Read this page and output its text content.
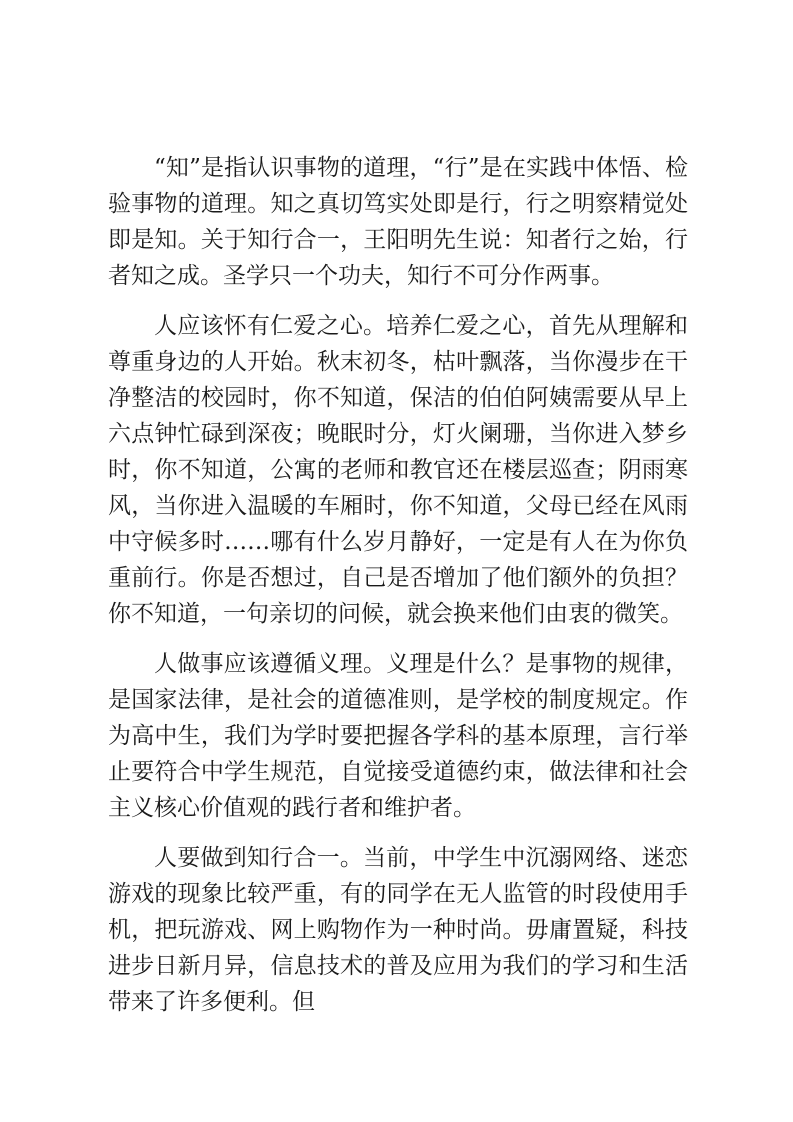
“知”是指认识事物的道理，“行”是在实践中体悟、检验事物的道理。知之真切笃实处即是行，行之明察精觉处即是知。关于知行合一，王阳明先生说：知者行之始，行者知之成。圣学只一个功夫，知行不可分作两事。

人应该怀有仁爱之心。培养仁爱之心，首先从理解和尊重身边的人开始。秋末初冬，枯叶飘落，当你漫步在干净整洁的校园时，你不知道，保洁的伯伯阿姨需要从早上六点钟忙碌到深夜；晚眠时分，灯火阑珊，当你进入梦乡时，你不知道，公寓的老师和教官还在楼层巡查；阴雨寒风，当你进入温暖的车厢时，你不知道，父母已经在风雨中守候多时……哪有什么岁月静好，一定是有人在为你负重前行。你是否想过，自己是否增加了他们额外的负担？你不知道，一句亲切的问候，就会换来他们由衷的微笑。

人做事应该遵循义理。义理是什么？是事物的规律，是国家法律，是社会的道德准则，是学校的制度规定。作为高中生，我们为学时要把握各学科的基本原理，言行举止要符合中学生规范，自觉接受道德约束，做法律和社会主义核心价值观的践行者和维护者。

人要做到知行合一。当前，中学生中沉溺网络、迷恋游戏的现象比较严重，有的同学在无人监管的时段使用手机，把玩游戏、网上购物作为一种时尚。毋庸置疑，科技进步日新月异，信息技术的普及应用为我们的学习和生活带来了许多便利。但
